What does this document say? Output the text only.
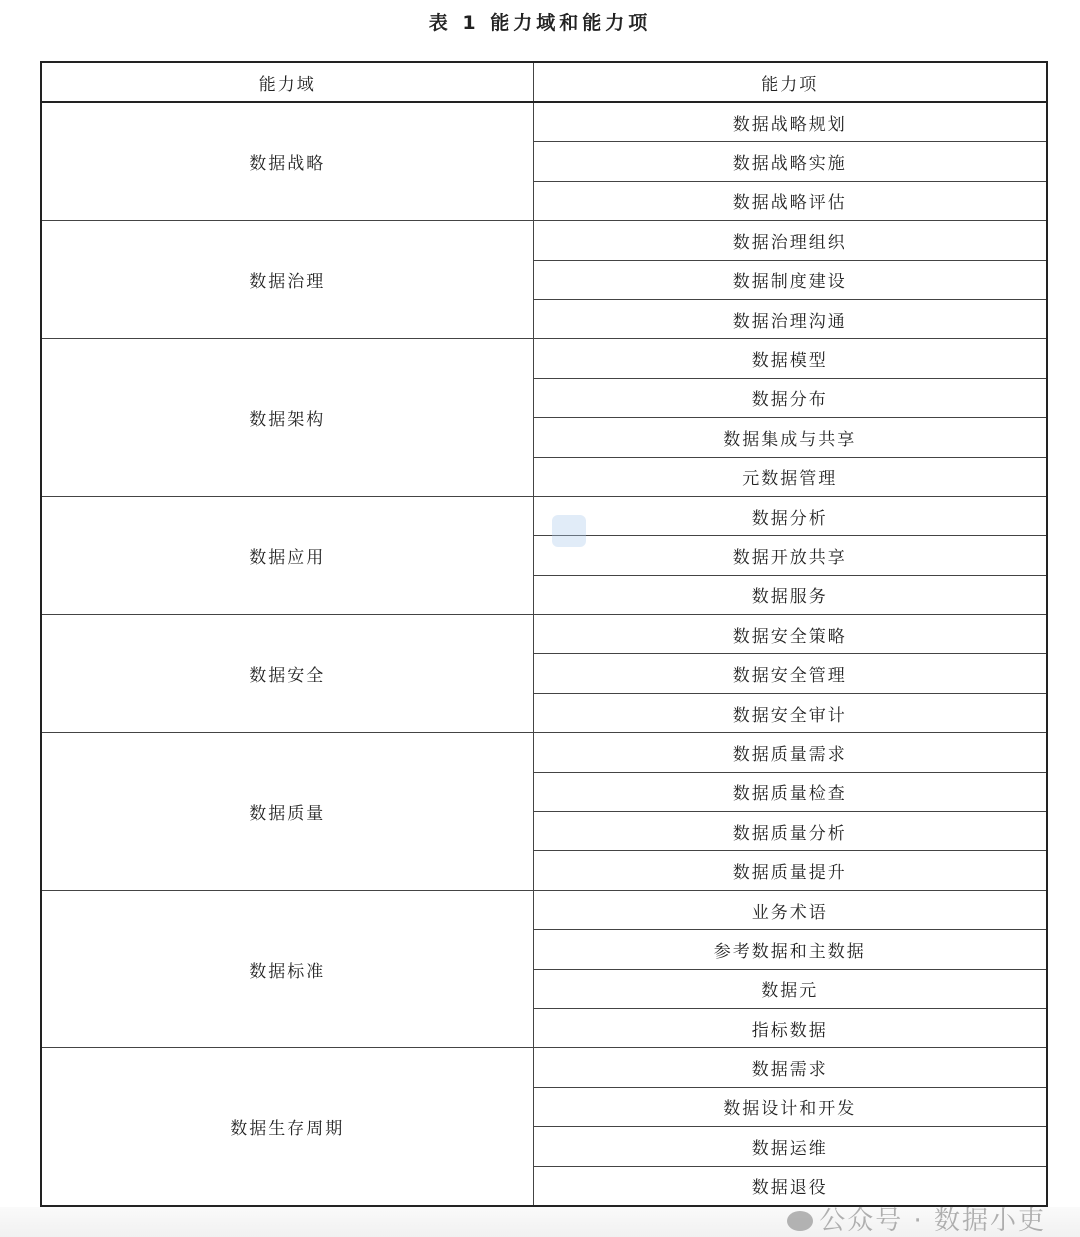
表 1 能力域和能力项
能力域	能力项
数据战略	数据战略规划
	数据战略实施
	数据战略评估
数据治理	数据治理组织
	数据制度建设
	数据治理沟通
数据架构	数据模型
	数据分布
	数据集成与共享
	元数据管理
数据应用	数据分析
	数据开放共享
	数据服务
数据安全	数据安全策略
	数据安全管理
	数据安全审计
数据质量	数据质量需求
	数据质量检查
	数据质量分析
	数据质量提升
数据标准	业务术语
	参考数据和主数据
	数据元
	指标数据
数据生存周期	数据需求
	数据设计和开发
	数据运维
	数据退役
公众号 · 数据小吏
